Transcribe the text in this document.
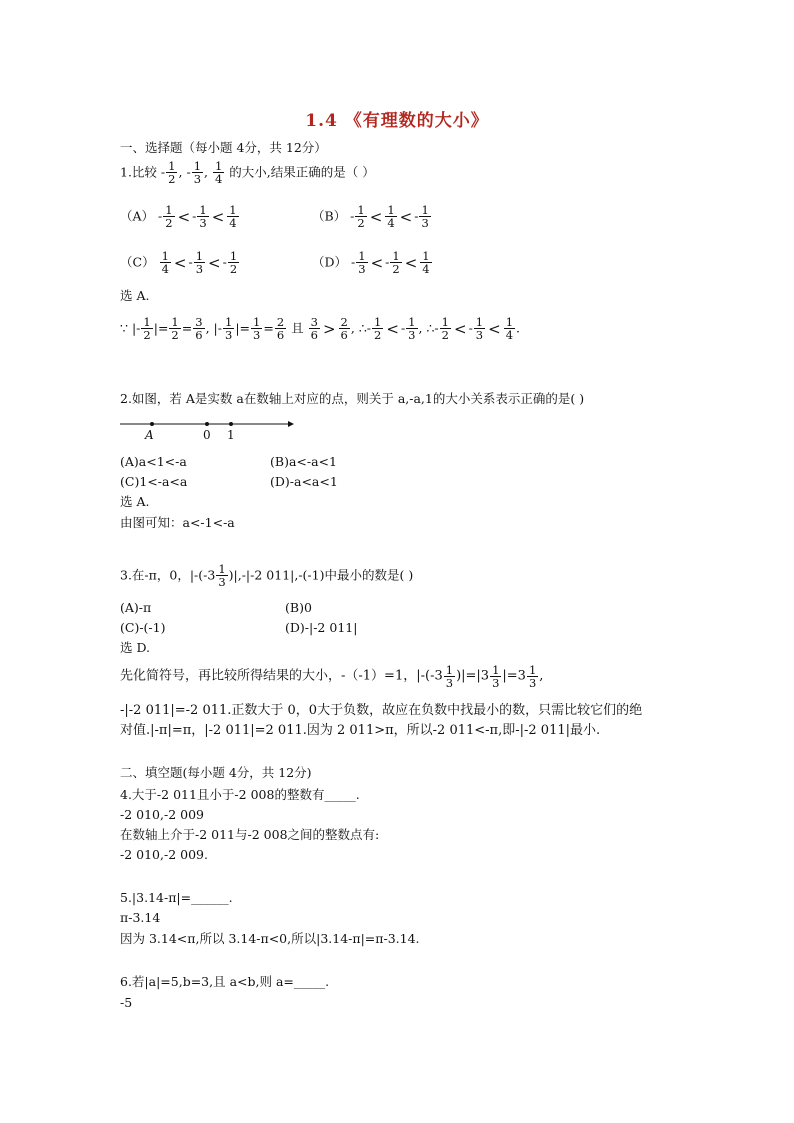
1.4 《有理数的大小》
一、选择题（每小题 4分，共 12分）
1.比较 - $\frac{1}{2}$ , - $\frac{1}{3}$ , $\frac{1}{4}$ 的大小,结果正确的是（ ）
$(A) - \frac{1}{2}$ < - $\frac{1}{3} < \frac{1}{4}$	$(B) - \frac{1}{2} < \frac{1}{4}$ < - $\frac{1}{3}$
$(C) \frac{1}{4}$ < - $\frac{1}{3}$ < - $\frac{1}{2}$	$(D) - \frac{1}{3}$ < - $\frac{1}{2} < \frac{1}{4}$
选 A.
∵ |- $\frac{1}{2}$ |= $\frac{1}{2} = \frac{3}{6}$ , |- $\frac{1}{3}$ |= $\frac{1}{3} = \frac{2}{6}$ 且 $\frac{3}{6} > \frac{2}{6}$ , ∴- $\frac{1}{2}$ < - $\frac{1}{3}$ , ∴- $\frac{1}{2}$ < - $\frac{1}{3} < \frac{1}{4}$ .
2.如图，若 A是实数 a在数轴上对应的点，则关于 a,-a,1的大小关系表示正确的是( )
A	0 1
(A)a<1<-a	(B)a<-a<1
(C)1<-a<a	(D)-a<a<1
选 A.
由图可知：a<-1<-a
3.在-π，0，$|-(-3 \frac{1}{3} )|,-|-2$ 011|,-(-1)中最小的数是( )
(A)-π	(B)0
(C)-(-1)	(D)-|-2 011|
选 D.
先化简符号，再比较所得结果的大小，-（-1）=1，$|-(-3 \frac{1}{3} )|=|3 \frac{1}{3} |=3 \frac{1}{3}$ ,
-|-2 011|=-2 011.正数大于 0，0大于负数，故应在负数中找最小的数，只需比较它们的绝
对值.|-π|=π，|-2 011|=2 011.因为 2 011>π，所以-2 011<-π,即-|-2 011|最小.
二、填空题(每小题 4分，共 12分)
4.大于-2 011且小于-2 008的整数有_____.
-2 010,-2 009
在数轴上介于-2 011与-2 008之间的整数点有:
-2 010,-2 009.
5.|3.14-π|=______.
π-3.14
因为 3.14<π,所以 3.14-π<0,所以|3.14-π|=π-3.14.
6.若|a|=5,b=3,且 a<b,则 a=_____.
-5
